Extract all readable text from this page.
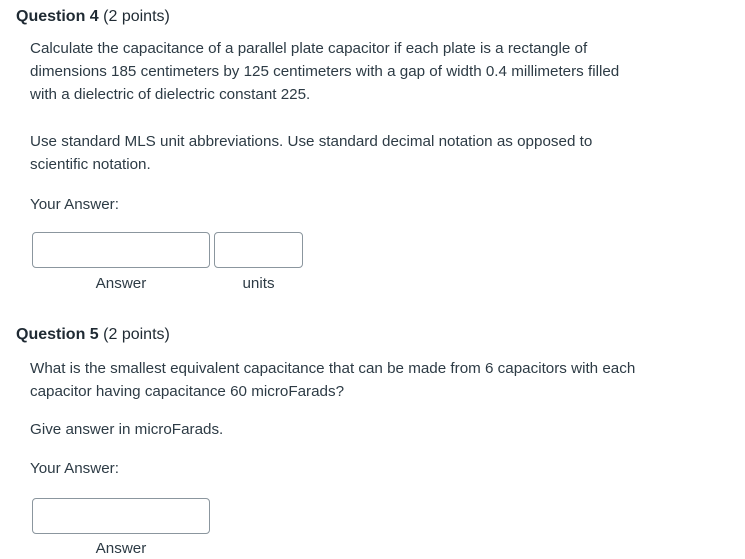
Question 4 (2 points)

Calculate the capacitance of a parallel plate capacitor if each plate is a rectangle of dimensions 185 centimeters by 125 centimeters with a gap of width 0.4 millimeters filled with a dielectric of dielectric constant 225.

Use standard MLS unit abbreviations. Use standard decimal notation as opposed to scientific notation.

Your Answer:
Answer	units
Question 5 (2 points)

What is the smallest equivalent capacitance that can be made from 6 capacitors with each capacitor having capacitance 60 microFarads?

Give answer in microFarads.
Your Answer:
Answer
